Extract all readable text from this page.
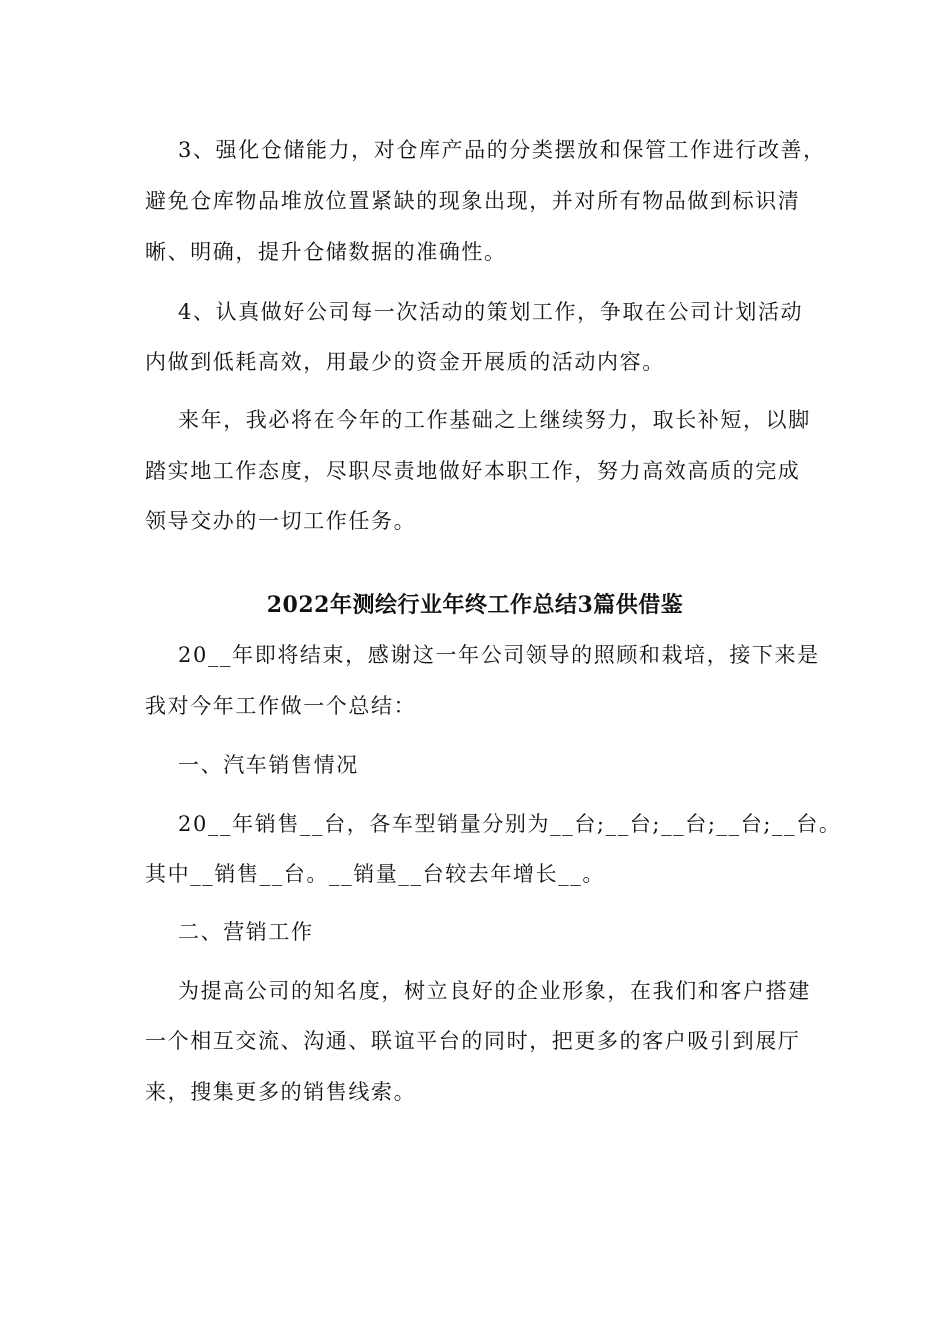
3、强化仓储能力，对仓库产品的分类摆放和保管工作进行改善，
避免仓库物品堆放位置紧缺的现象出现，并对所有物品做到标识清
晰、明确，提升仓储数据的准确性。
4、认真做好公司每一次活动的策划工作，争取在公司计划活动
内做到低耗高效，用最少的资金开展质的活动内容。
来年，我必将在今年的工作基础之上继续努力，取长补短，以脚
踏实地工作态度，尽职尽责地做好本职工作，努力高效高质的完成
领导交办的一切工作任务。
2022年测绘行业年终工作总结3篇供借鉴
20__年即将结束，感谢这一年公司领导的照顾和栽培，接下来是
我对今年工作做一个总结：
一、汽车销售情况
20__年销售__台，各车型销量分别为__台;__台;__台;__台;__台。
其中__销售__台。__销量__台较去年增长__。
二、营销工作
为提高公司的知名度，树立良好的企业形象，在我们和客户搭建
一个相互交流、沟通、联谊平台的同时，把更多的客户吸引到展厅
来，搜集更多的销售线索。
